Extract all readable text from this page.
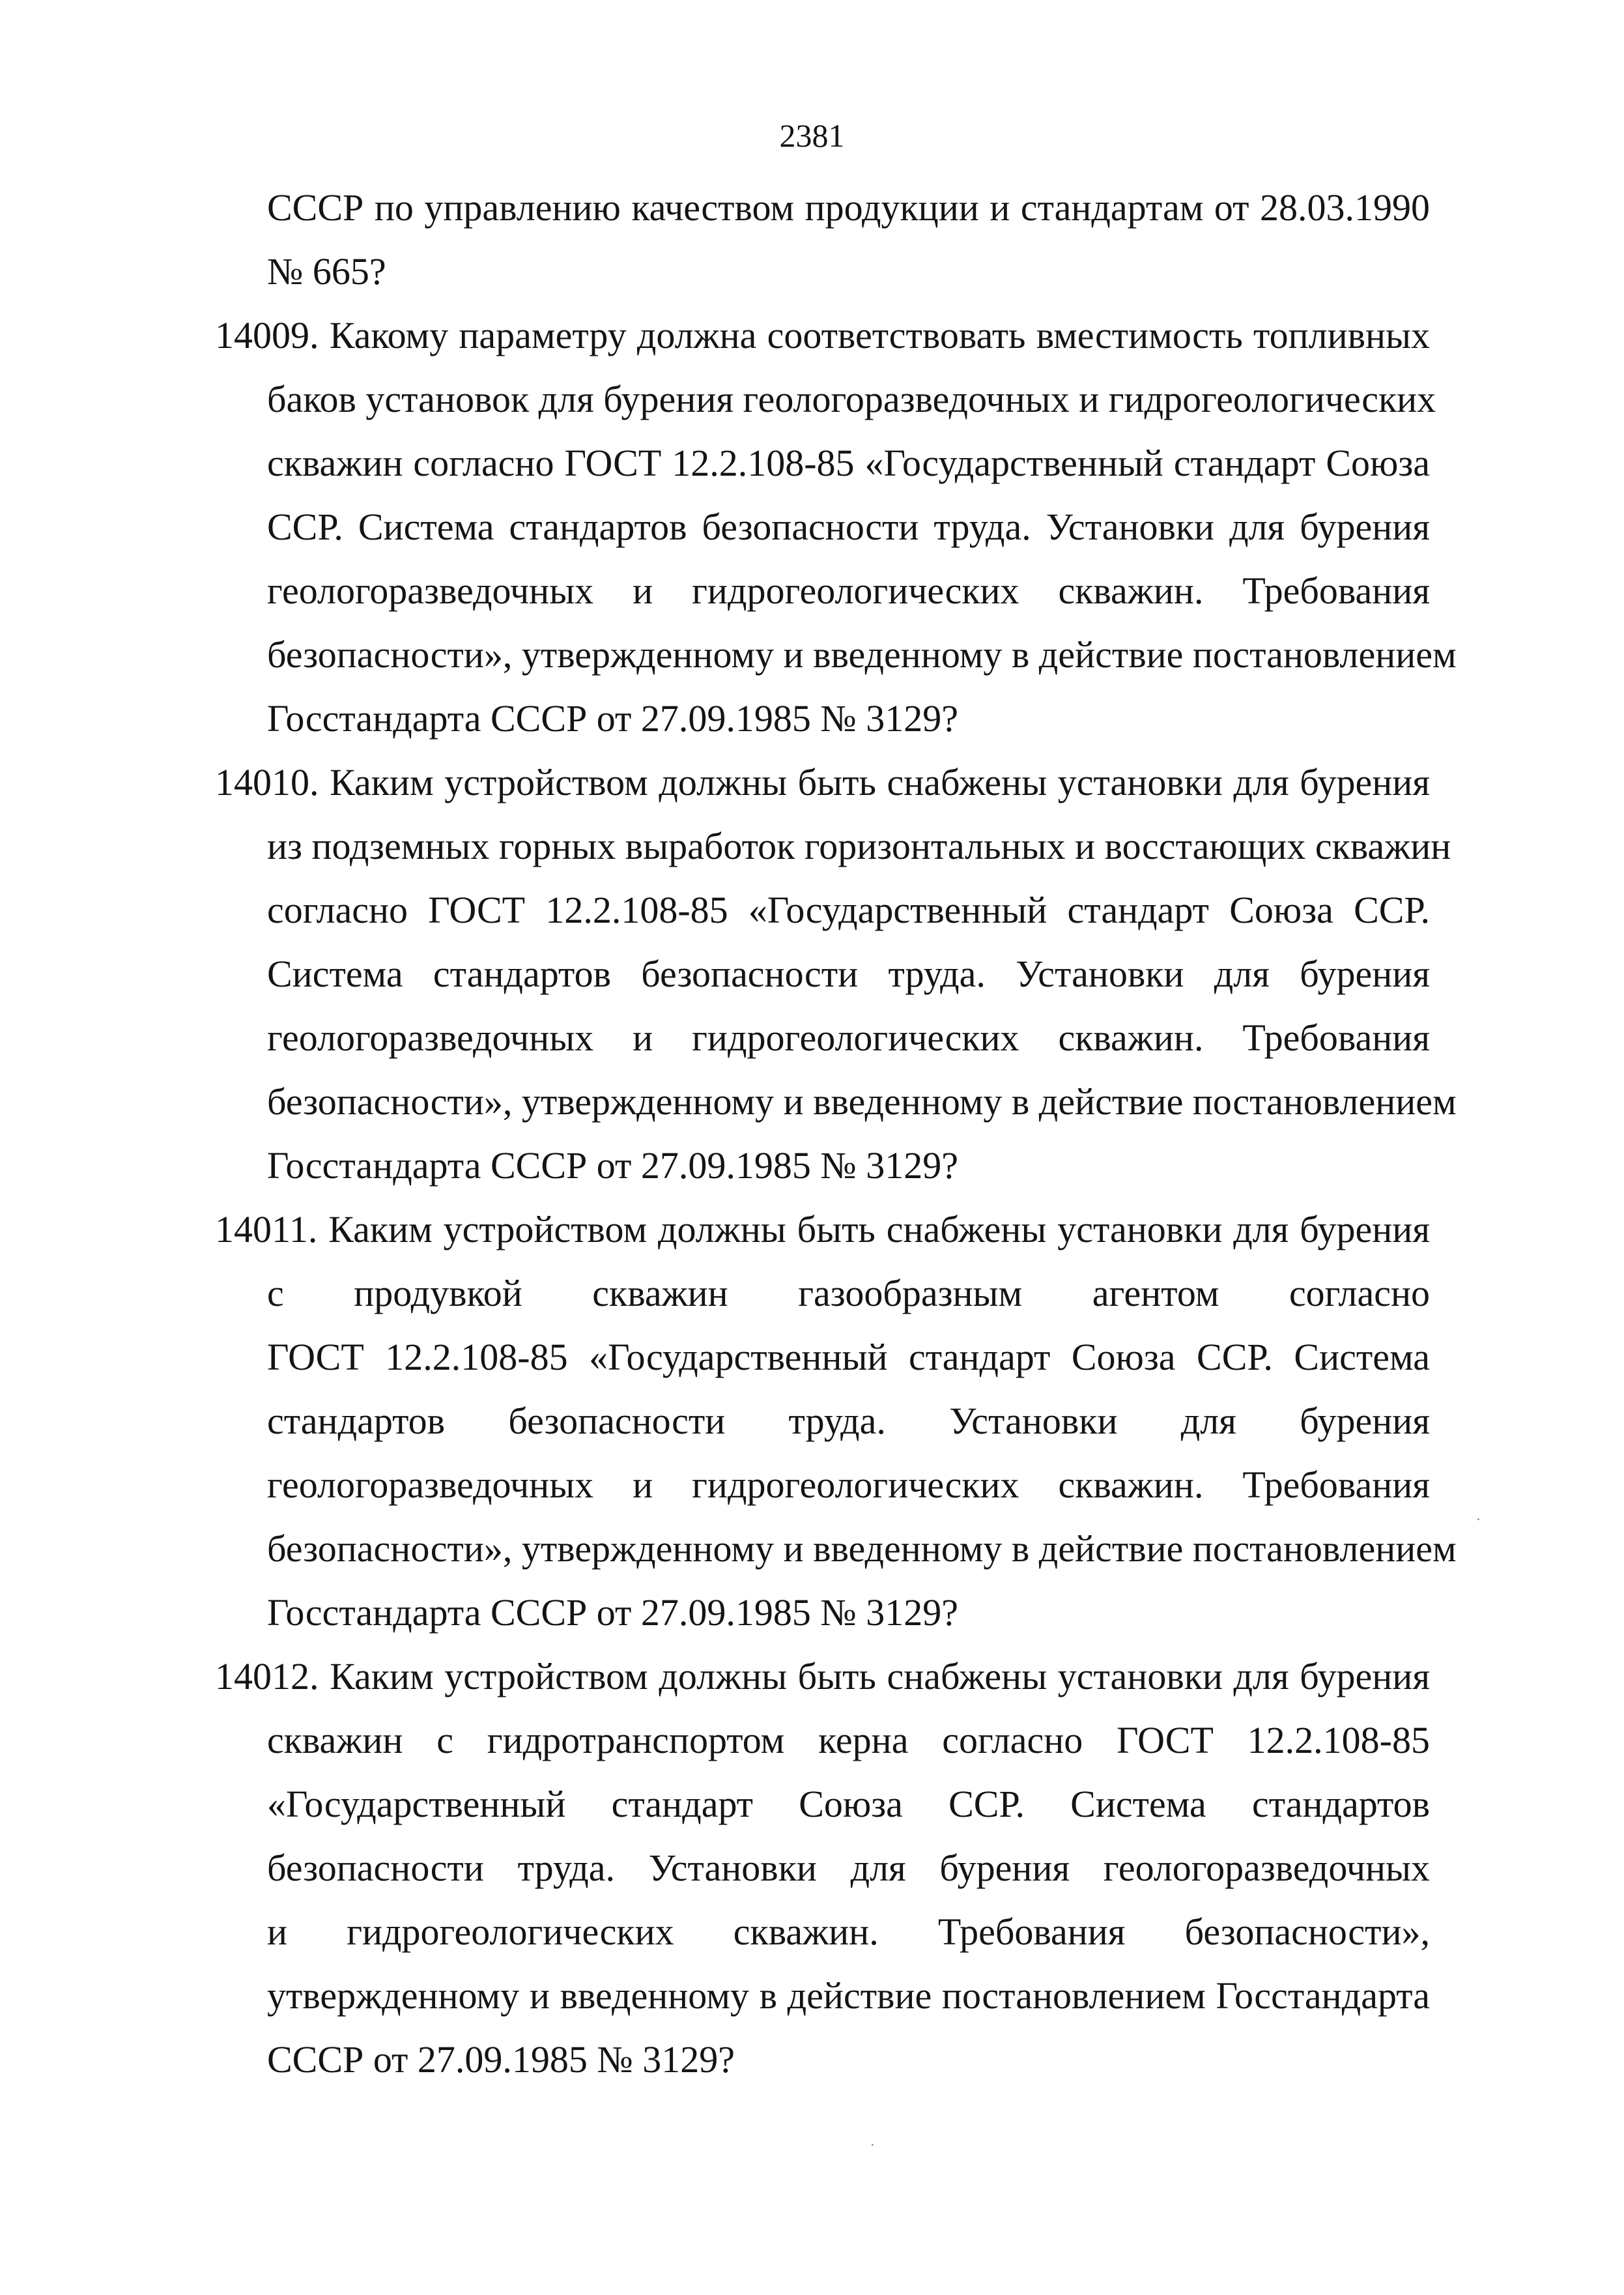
2381
СССР по управлению качеством продукции и стандартам от 28.03.1990
№ 665?
14009. Какому параметру должна соответствовать вместимость топливных
баков установок для бурения геологоразведочных и гидрогеологических
скважин согласно ГОСТ 12.2.108-85 «Государственный стандарт Союза
ССР. Система стандартов безопасности труда. Установки для бурения
геологоразведочных и гидрогеологических скважин. Требования
безопасности», утвержденному и введенному в действие постановлением
Госстандарта СССР от 27.09.1985 № 3129?
14010. Каким устройством должны быть снабжены установки для бурения
из подземных горных выработок горизонтальных и восстающих скважин
согласно ГОСТ 12.2.108-85 «Государственный стандарт Союза ССР.
Система стандартов безопасности труда. Установки для бурения
геологоразведочных и гидрогеологических скважин. Требования
безопасности», утвержденному и введенному в действие постановлением
Госстандарта СССР от 27.09.1985 № 3129?
14011. Каким устройством должны быть снабжены установки для бурения
с продувкой скважин газообразным агентом согласно
ГОСТ 12.2.108-85 «Государственный стандарт Союза ССР. Система
стандартов безопасности труда. Установки для бурения
геологоразведочных и гидрогеологических скважин. Требования
безопасности», утвержденному и введенному в действие постановлением
Госстандарта СССР от 27.09.1985 № 3129?
14012. Каким устройством должны быть снабжены установки для бурения
скважин с гидротранспортом керна согласно ГОСТ 12.2.108-85
«Государственный стандарт Союза ССР. Система стандартов
безопасности труда. Установки для бурения геологоразведочных
и гидрогеологических скважин. Требования безопасности»,
утвержденному и введенному в действие постановлением Госстандарта
СССР от 27.09.1985 № 3129?
